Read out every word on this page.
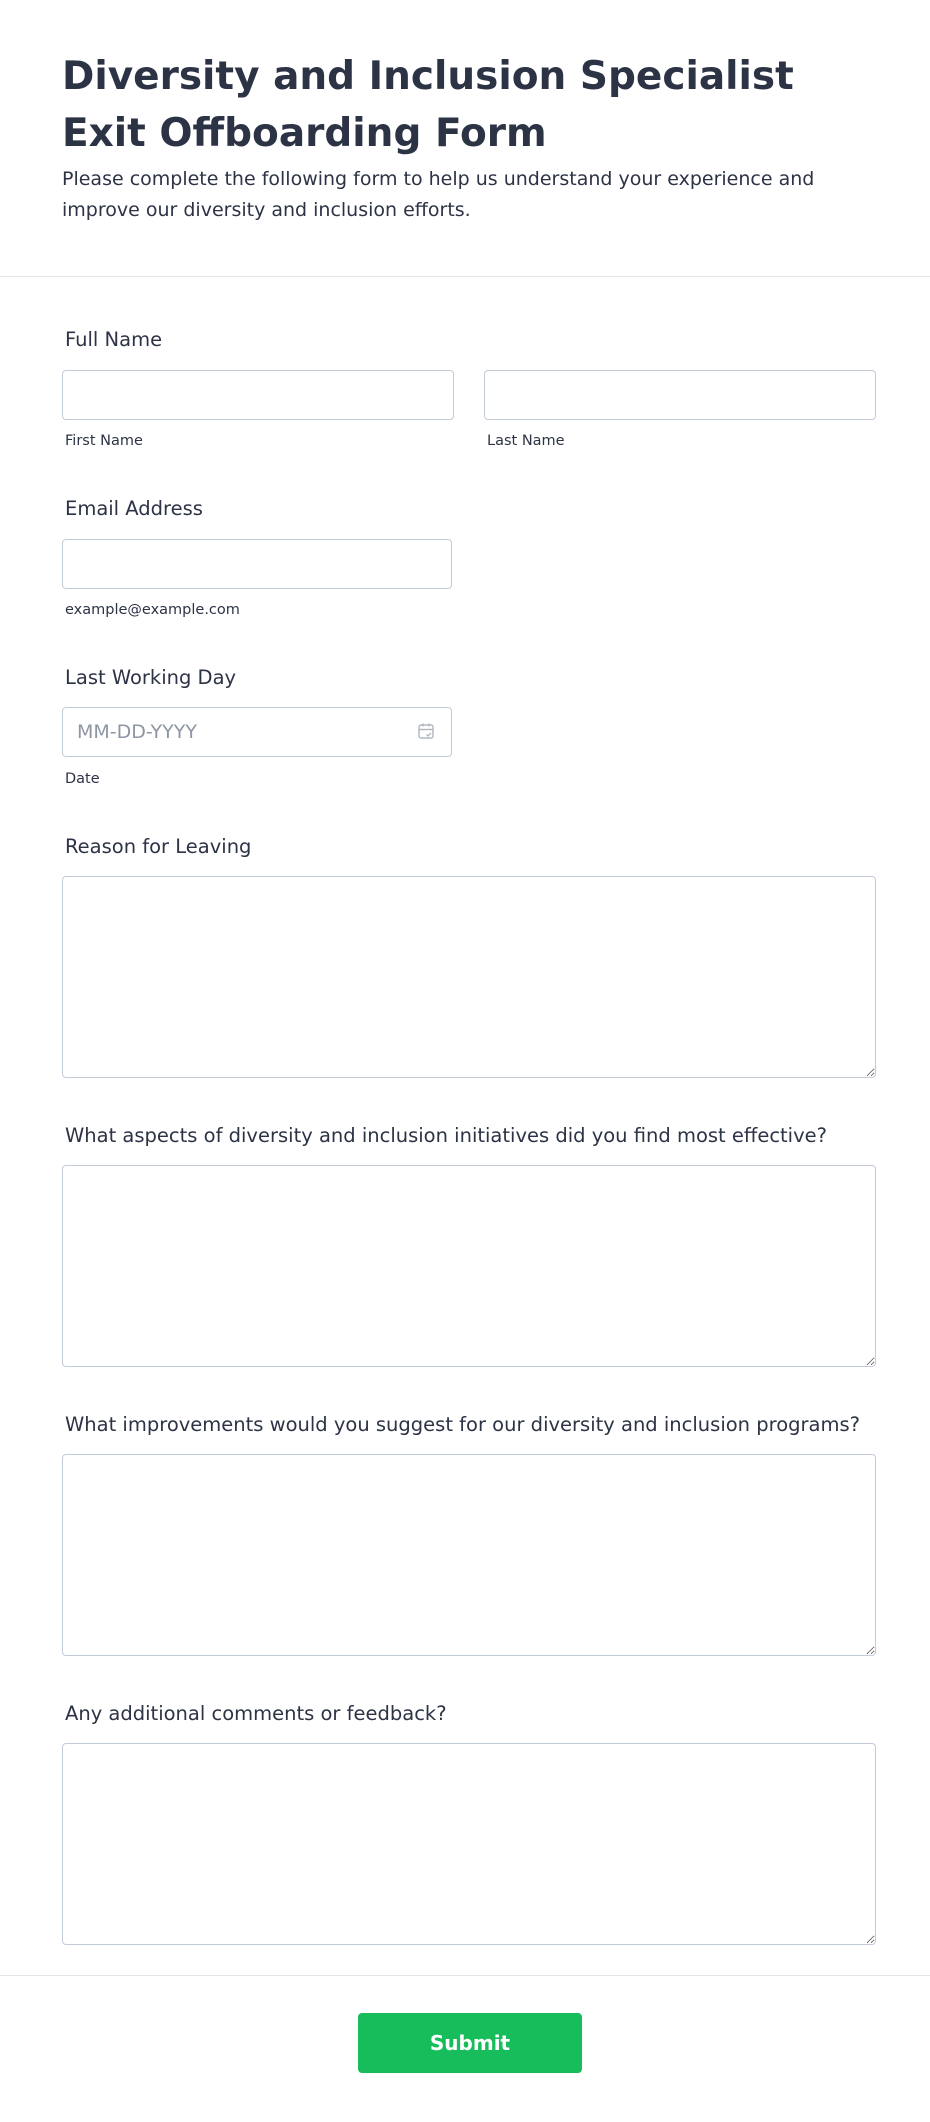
Diversity and Inclusion Specialist Exit Offboarding Form

Please complete the following form to help us understand your experience and improve our diversity and inclusion efforts.

Full Name
First Name	Last Name
Email Address
example@example.com
Last Working Day
MM-DD-YYYY
Date
Reason for Leaving
What aspects of diversity and inclusion initiatives did you find most effective?
What improvements would you suggest for our diversity and inclusion programs?
Any additional comments or feedback?
Submit
